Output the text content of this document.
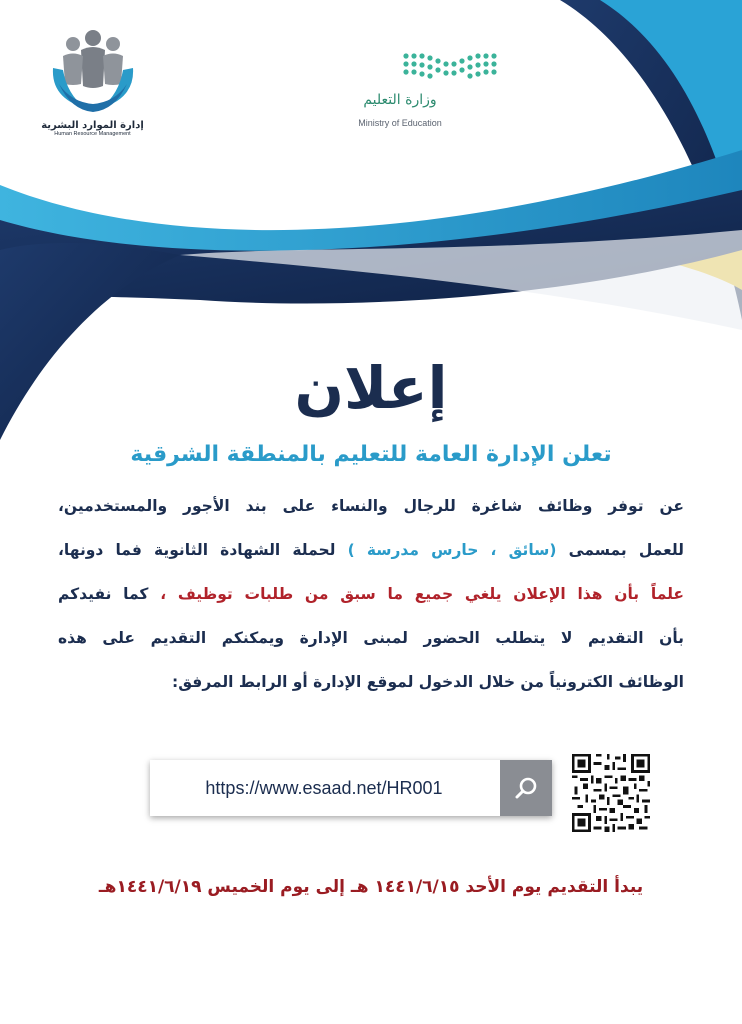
إدارة الموارد البشرية
Human Resource Management
وزارة التعليم
Ministry of Education
إعلان
تعلن الإدارة العامة للتعليم بالمنطقة الشرقية
عن توفر وظائف شاغرة للرجال والنساء على بند الأجور والمستخدمين،
للعمل بمسمى (سائق ، حارس مدرسة ) لحملة الشهادة الثانوية فما دونها،
علماً بأن هذا الإعلان يلغي جميع ما سبق من طلبات توظيف ، كما نفيدكم
بأن التقديم لا يتطلب الحضور لمبنى الإدارة ويمكنكم التقديم على هذه
الوظائف الكترونياً من خلال الدخول لموقع الإدارة أو الرابط المرفق:
https://www.esaad.net/HR001
يبدأ التقديم يوم الأحد ١٤٤١/٦/١٥ هـ إلى يوم الخميس ١٤٤١/٦/١٩هـ
